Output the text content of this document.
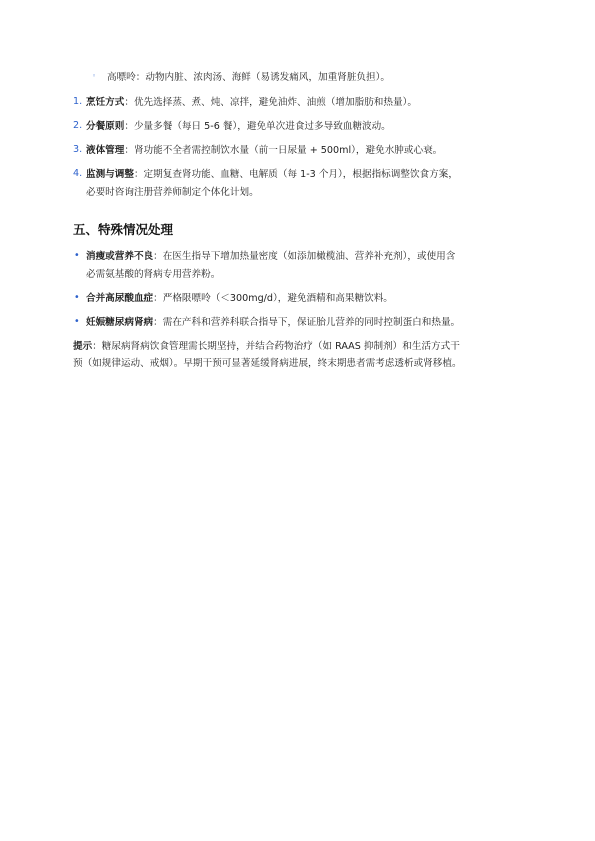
◦ 高嘌呤：动物内脏、浓肉汤、海鲜（易诱发痛风，加重肾脏负担）。
1. 烹饪方式：优先选择蒸、煮、炖、凉拌，避免油炸、油煎（增加脂肪和热量）。
2. 分餐原则：少量多餐（每日 5-6 餐），避免单次进食过多导致血糖波动。
3. 液体管理：肾功能不全者需控制饮水量（前一日尿量 + 500ml），避免水肿或心衰。
4. 监测与调整：定期复查肾功能、血糖、电解质（每 1-3 个月），根据指标调整饮食方案，
必要时咨询注册营养师制定个体化计划。
五、特殊情况处理
• 消瘦或营养不良：在医生指导下增加热量密度（如添加橄榄油、营养补充剂），或使用含
必需氨基酸的肾病专用营养粉。
• 合并高尿酸血症：严格限嘌呤（＜300mg/d），避免酒精和高果糖饮料。
• 妊娠糖尿病肾病：需在产科和营养科联合指导下，保证胎儿营养的同时控制蛋白和热量。
提示：糖尿病肾病饮食管理需长期坚持，并结合药物治疗（如 RAAS 抑制剂）和生活方式干
预（如规律运动、戒烟）。早期干预可显著延缓肾病进展，终末期患者需考虑透析或肾移植。
